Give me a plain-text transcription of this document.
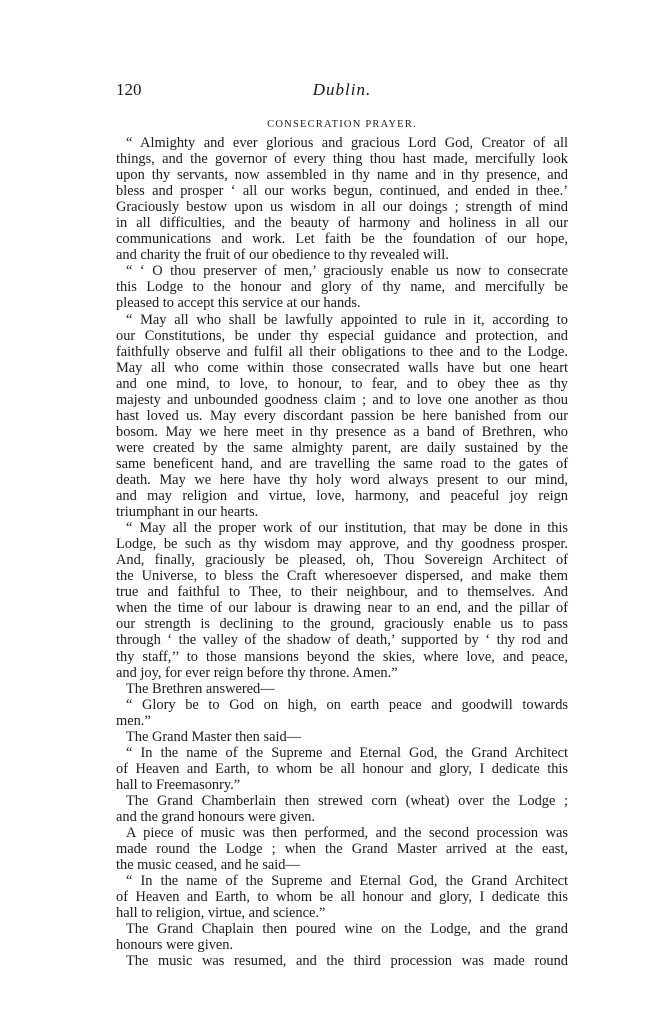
120	Dublin.
CONSECRATION PRAYER.
“ Almighty and ever glorious and gracious Lord God, Creator of all
things, and the governor of every thing thou hast made, mercifully look
upon thy servants, now assembled in thy name and in thy presence, and
bless and prosper ‘ all our works begun, continued, and ended in thee.’
Graciously bestow upon us wisdom in all our doings ; strength of mind
in all difficulties, and the beauty of harmony and holiness in all our
communications and work. Let faith be the foundation of our hope,
and charity the fruit of our obedience to thy revealed will.
“ ‘ O thou preserver of men,’ graciously enable us now to consecrate
this Lodge to the honour and glory of thy name, and mercifully be
pleased to accept this service at our hands.
“ May all who shall be lawfully appointed to rule in it, according to
our Constitutions, be under thy especial guidance and protection, and
faithfully observe and fulfil all their obligations to thee and to the Lodge.
May all who come within those consecrated walls have but one heart
and one mind, to love, to honour, to fear, and to obey thee as thy
majesty and unbounded goodness claim ; and to love one another as thou
hast loved us. May every discordant passion be here banished from our
bosom. May we here meet in thy presence as a band of Brethren, who
were created by the same almighty parent, are daily sustained by the
same beneficent hand, and are travelling the same road to the gates of
death. May we here have thy holy word always present to our mind,
and may religion and virtue, love, harmony, and peaceful joy reign
triumphant in our hearts.
“ May all the proper work of our institution, that may be done in this
Lodge, be such as thy wisdom may approve, and thy goodness prosper.
And, finally, graciously be pleased, oh, Thou Sovereign Architect of
the Universe, to bless the Craft wheresoever dispersed, and make them
true and faithful to Thee, to their neighbour, and to themselves. And
when the time of our labour is drawing near to an end, and the pillar of
our strength is declining to the ground, graciously enable us to pass
through ‘ the valley of the shadow of death,’ supported by ‘ thy rod and
thy staff,’’ to those mansions beyond the skies, where love, and peace,
and joy, for ever reign before thy throne. Amen.”
The Brethren answered—
“ Glory be to God on high, on earth peace and goodwill towards
men.”
The Grand Master then said—
“ In the name of the Supreme and Eternal God, the Grand Architect
of Heaven and Earth, to whom be all honour and glory, I dedicate this
hall to Freemasonry.”
The Grand Chamberlain then strewed corn (wheat) over the Lodge ;
and the grand honours were given.
A piece of music was then performed, and the second procession was
made round the Lodge ; when the Grand Master arrived at the east,
the music ceased, and he said—
“ In the name of the Supreme and Eternal God, the Grand Architect
of Heaven and Earth, to whom be all honour and glory, I dedicate this
hall to religion, virtue, and science.”
The Grand Chaplain then poured wine on the Lodge, and the grand
honours were given.
The music was resumed, and the third procession was made round
